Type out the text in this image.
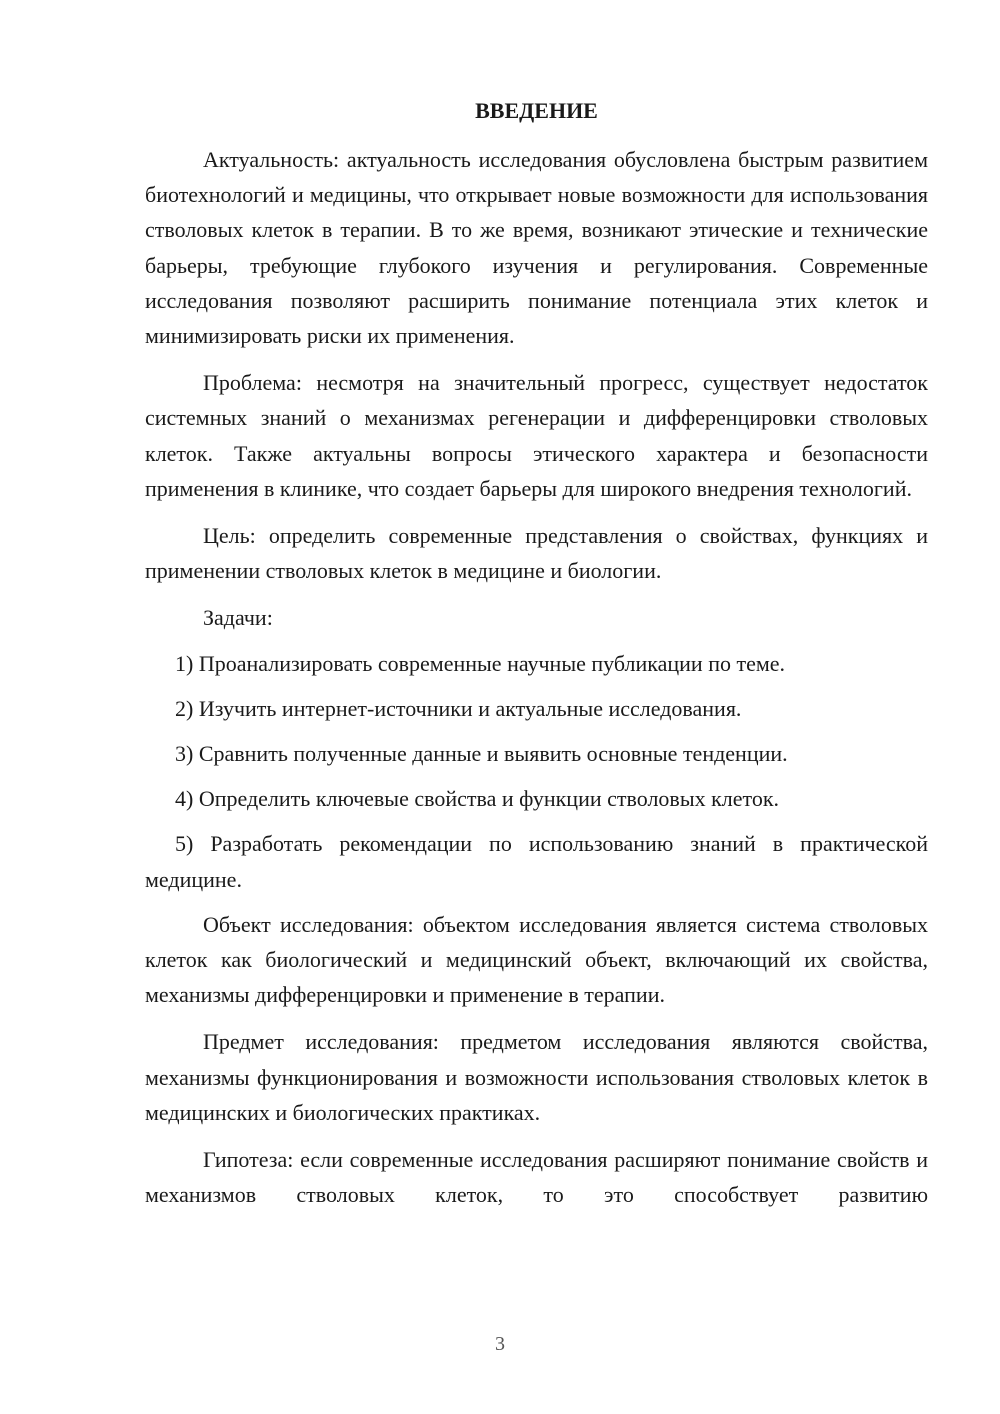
ВВЕДЕНИЕ

Актуальность: актуальность исследования обусловлена быстрым развитием биотехнологий и медицины, что открывает новые возможности для использования стволовых клеток в терапии. В то же время, возникают этические и технические барьеры, требующие глубокого изучения и регулирования. Современные исследования позволяют расширить понимание потенциала этих клеток и минимизировать риски их применения.

Проблема: несмотря на значительный прогресс, существует недостаток системных знаний о механизмах регенерации и дифференцировки стволовых клеток. Также актуальны вопросы этического характера и безопасности применения в клинике, что создает барьеры для широкого внедрения технологий.

Цель: определить современные представления о свойствах, функциях и применении стволовых клеток в медицине и биологии.

Задачи:

1) Проанализировать современные научные публикации по теме.

2) Изучить интернет-источники и актуальные исследования.

3) Сравнить полученные данные и выявить основные тенденции.

4) Определить ключевые свойства и функции стволовых клеток.

5) Разработать рекомендации по использованию знаний в практической медицине.

Объект исследования: объектом исследования является система стволовых клеток как биологический и медицинский объект, включающий их свойства, механизмы дифференцировки и применение в терапии.

Предмет исследования: предметом исследования являются свойства, механизмы функционирования и возможности использования стволовых клеток в медицинских и биологических практиках.

Гипотеза: если современные исследования расширяют понимание свойств и механизмов стволовых клеток, то это способствует развитию

3
